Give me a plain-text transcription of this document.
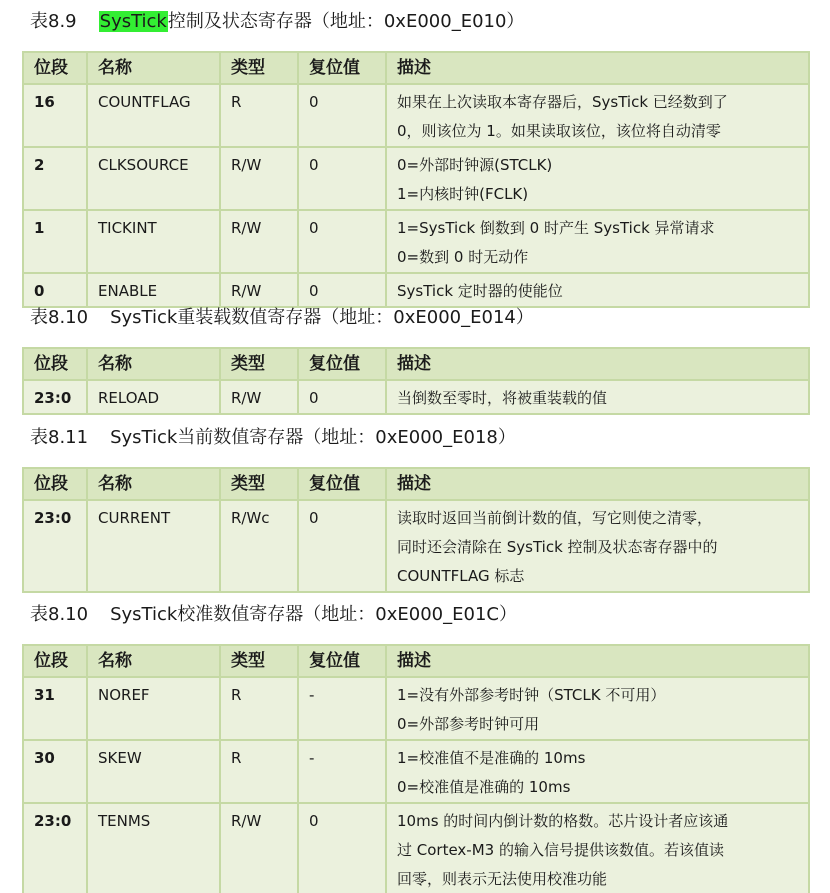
表8.9 SysTick控制及状态寄存器（地址：0xE000_E010）
位段	名称	类型	复位值	描述
16	COUNTFLAG	R	0	如果在上次读取本寄存器后，SysTick 已经数到了
0，则该位为 1。如果读取该位，该位将自动清零

2	CLKSOURCE	R/W	0	0=外部时钟源(STCLK)
1=内核时钟(FCLK)

1	TICKINT	R/W	0	1=SysTick 倒数到 0 时产生 SysTick 异常请求
0=数到 0 时无动作

0	ENABLE	R/W	0	SysTick 定时器的使能位
表8.10 SysTick重装载数值寄存器（地址：0xE000_E014）
位段	名称	类型	复位值	描述
23:0	RELOAD	R/W	0	当倒数至零时，将被重装载的值
表8.11 SysTick当前数值寄存器（地址：0xE000_E018）
位段	名称	类型	复位值	描述
23:0	CURRENT	R/Wc	0	读取时返回当前倒计数的值，写它则使之清零，
同时还会清除在 SysTick 控制及状态寄存器中的
COUNTFLAG 标志
表8.10 SysTick校准数值寄存器（地址：0xE000_E01C）
位段	名称	类型	复位值	描述
31	NOREF	R	-	1=没有外部参考时钟（STCLK 不可用）
0=外部参考时钟可用

30	SKEW	R	-	1=校准值不是准确的 10ms
0=校准值是准确的 10ms

23:0	TENMS	R/W	0	10ms 的时间内倒计数的格数。芯片设计者应该通
过 Cortex-M3 的输入信号提供该数值。若该值读
回零，则表示无法使用校准功能
